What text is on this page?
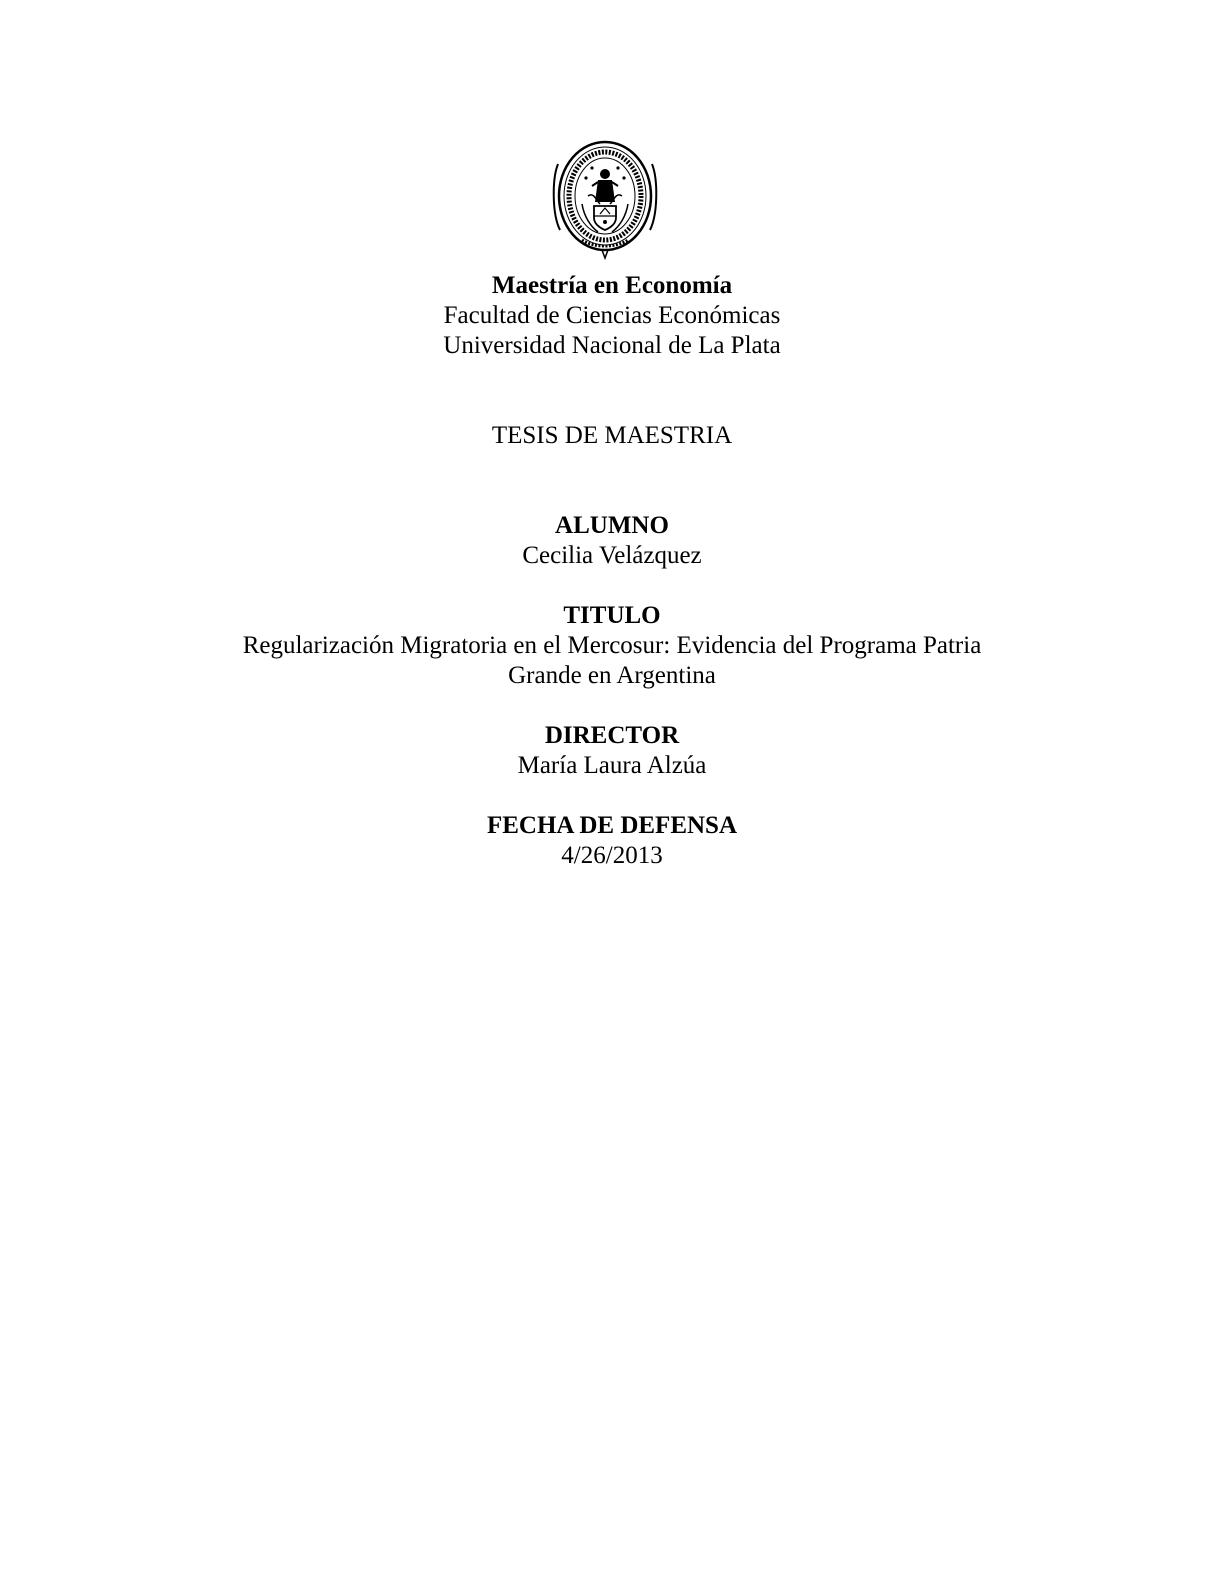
Maestría en Economía
Facultad de Ciencias Económicas
Universidad Nacional de La Plata
TESIS DE MAESTRIA
ALUMNO
Cecilia Velázquez
TITULO
Regularización Migratoria en el Mercosur: Evidencia del Programa Patria
Grande en Argentina
DIRECTOR
María Laura Alzúa
FECHA DE DEFENSA
4/26/2013
